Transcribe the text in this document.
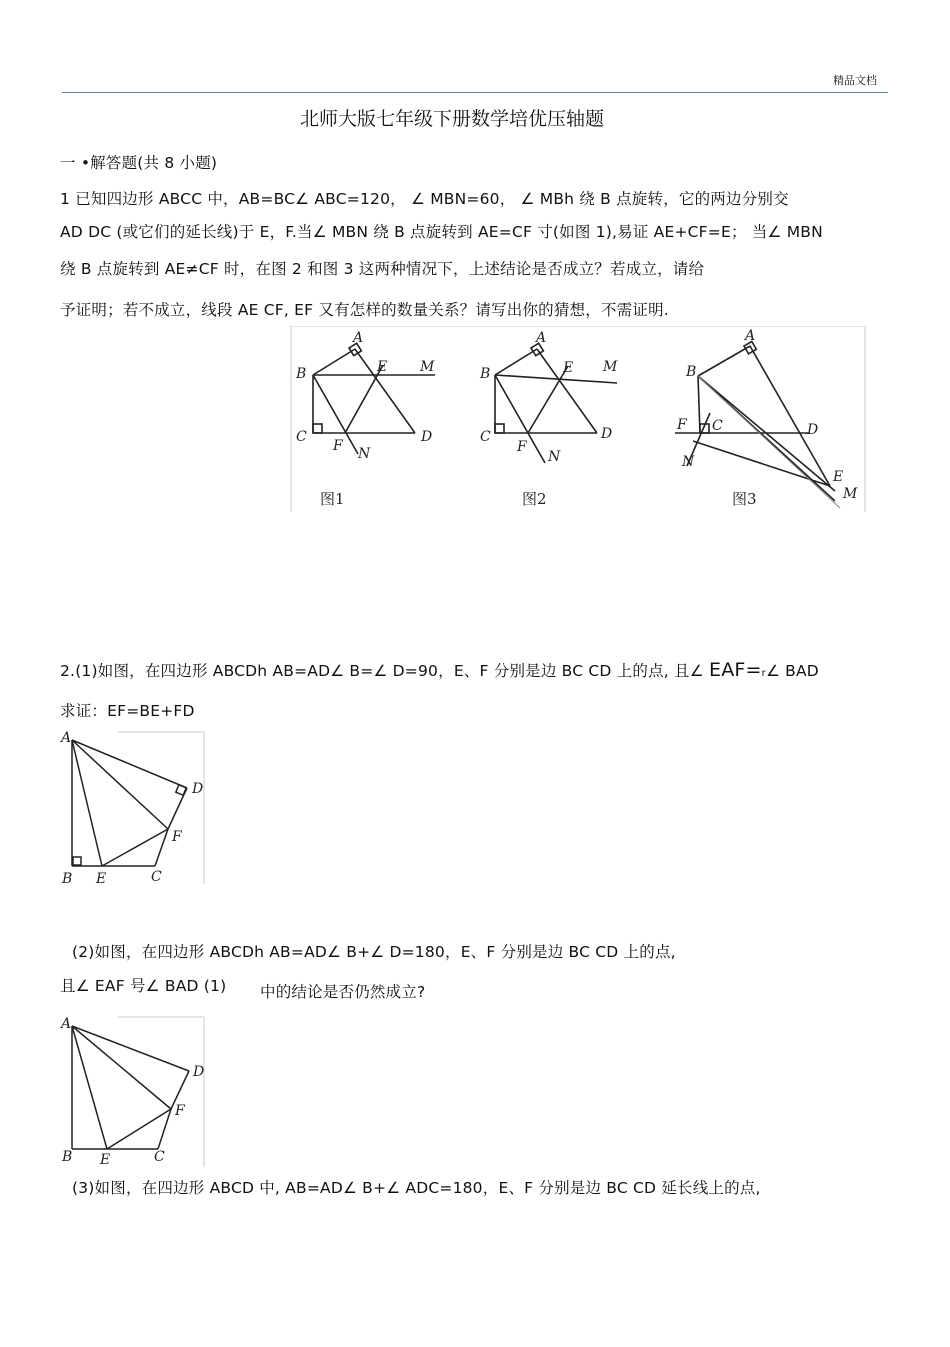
精品文档
北师大版七年级下册数学培优压轴题
一 •解答题(共 8 小题)
1 已知四边形 ABCC 中，AB=BC∠ ABC=120， ∠ MBN=60， ∠ MBh 绕 B 点旋转，它的两边分别交
AD DC (或它们的延长线)于 E，F.当∠ MBN 绕 B 点旋转到 AE=CF 寸(如图 1),易证 AE+CF=E； 当∠ MBN
绕 B 点旋转到 AE≠CF 时，在图 2 和图 3 这两种情况下，上述结论是否成立？若成立，请给
予证明；若不成立，线段 AE CF, EF 又有怎样的数量关系？请写出你的猜想，不需证明.
A
B	E M
C	D
F N
图1
A
B	E M
C	D
F
N
图2
A
B
F C	D
N
E
M
图3
2.(1)如图，在四边形 ABCDh AB=AD∠ B=∠ D=90，E、F 分别是边 BC CD 上的点, 且∠ EAF=r∠ BAD
求证：EF=BE+FD
A
D
F
B E	C
(2)如图，在四边形 ABCDh AB=AD∠ B+∠ D=180，E、F 分别是边 BC CD 上的点,
且∠ EAF 号∠ BAD (1) 中的结论是否仍然成立?
A
D
F
B E	C
(3)如图，在四边形 ABCD 中, AB=AD∠ B+∠ ADC=180，E、F 分别是边 BC CD 延长线上的点,
